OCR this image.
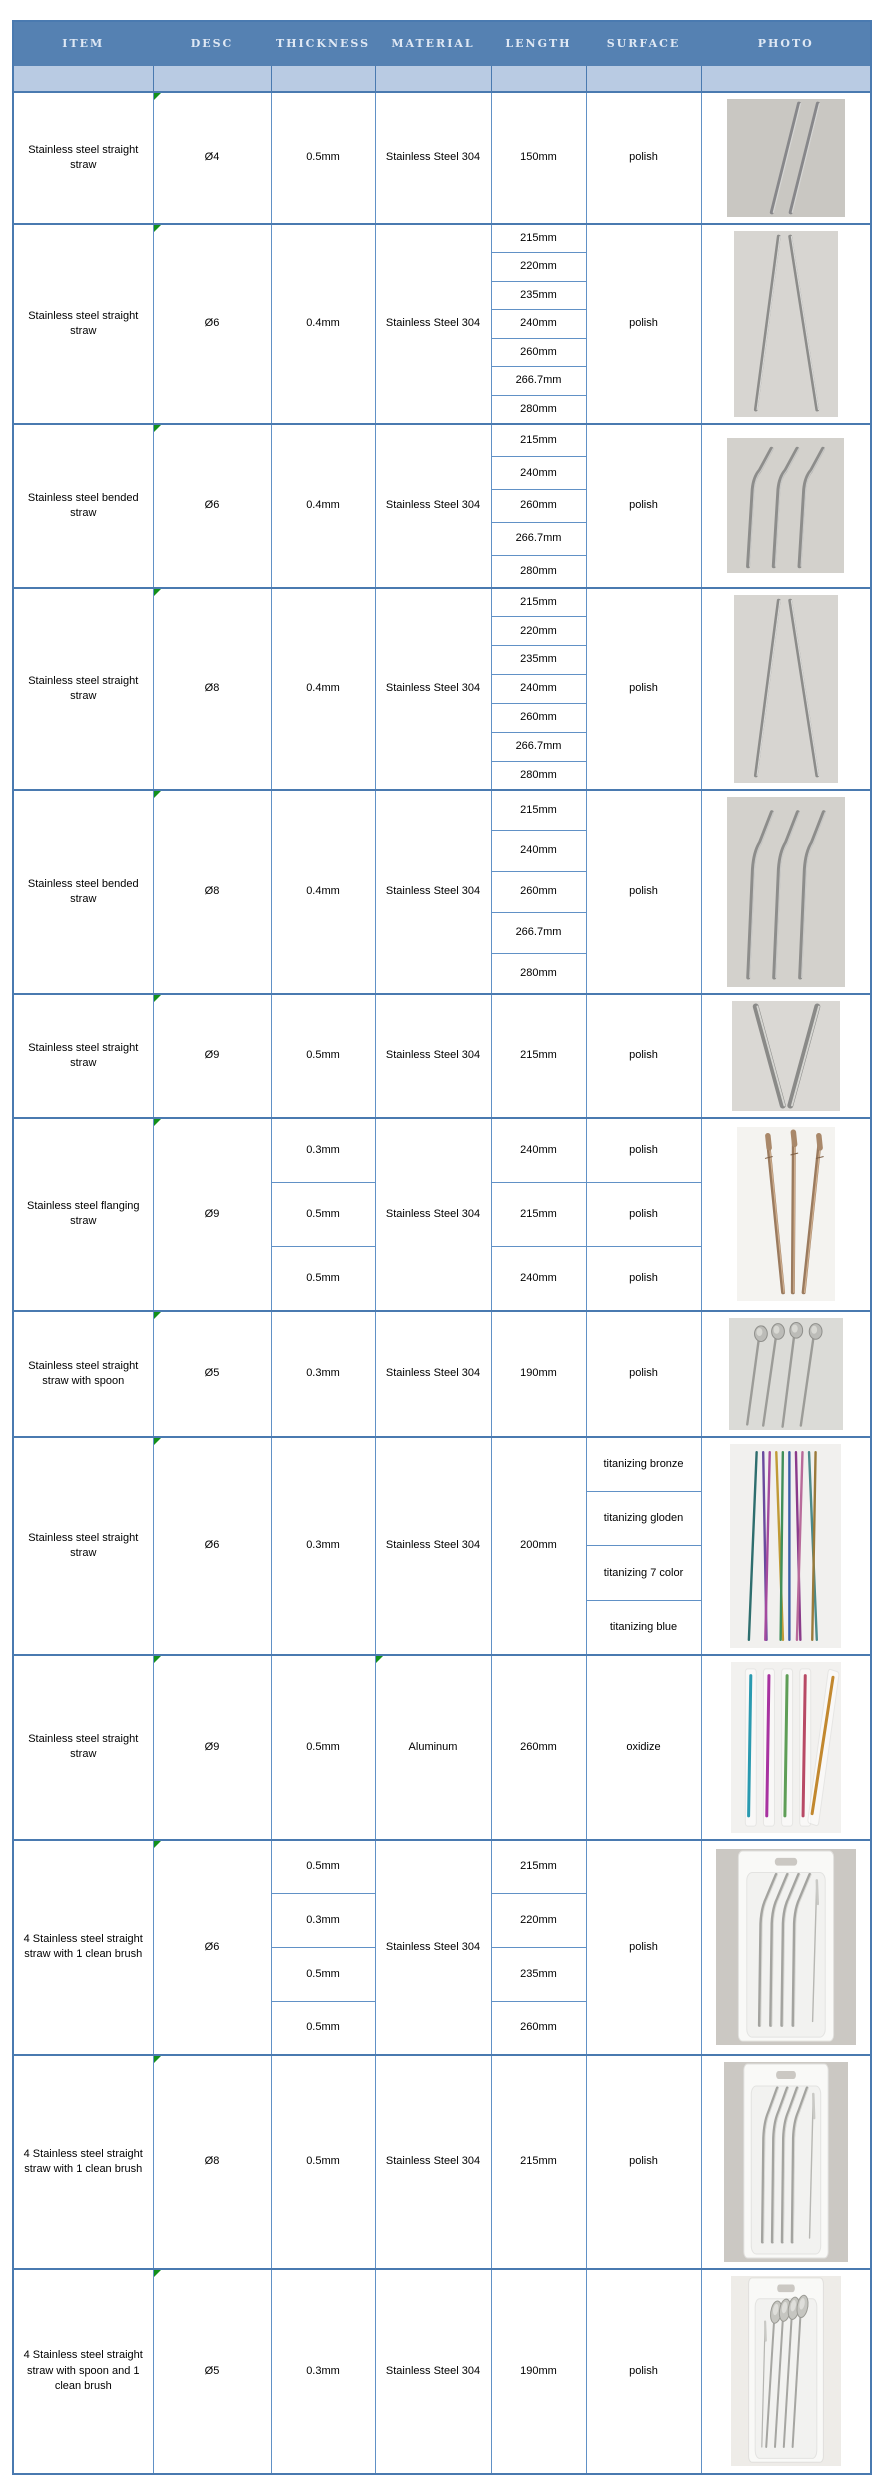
ITEM	DESC	THICKNESS	MATERIAL	LENGTH	SURFACE	PHOTO

Stainless steel straight straw	Ø4	0.5mm	Stainless Steel 304	150mm	polish	

Stainless steel straight straw	Ø6	0.4mm	Stainless Steel 304	215mm	polish	

				220mm		
				235mm		
				240mm		
				260mm		
				266.7mm		
				280mm		
Stainless steel bended straw	Ø6	0.4mm	Stainless Steel 304	215mm	polish	

				240mm		
				260mm		
				266.7mm		
				280mm		
Stainless steel straight straw	Ø8	0.4mm	Stainless Steel 304	215mm	polish	

				220mm		
				235mm		
				240mm		
				260mm		
				266.7mm		
				280mm		
Stainless steel bended straw	Ø8	0.4mm	Stainless Steel 304	215mm	polish	

				240mm		
				260mm		
				266.7mm		
				280mm		
Stainless steel straight straw	Ø9	0.5mm	Stainless Steel 304	215mm	polish	

Stainless steel flanging straw	Ø9	0.3mm	Stainless Steel 304	240mm	polish	

		0.5mm		215mm	polish	
		0.5mm		240mm	polish	
Stainless steel straight straw with spoon	Ø5	0.3mm	Stainless Steel 304	190mm	polish	

Stainless steel straight straw	Ø6	0.3mm	Stainless Steel 304	200mm	titanizing bronze	

					titanizing gloden	
					titanizing 7 color	
					titanizing blue	
Stainless steel straight straw	Ø9	0.5mm	Aluminum	260mm	oxidize	

4 Stainless steel straight straw with 1 clean brush	Ø6	0.5mm	Stainless Steel 304	215mm	polish	

		0.3mm		220mm		
		0.5mm		235mm		
		0.5mm		260mm		
4 Stainless steel straight straw with 1 clean brush	Ø8	0.5mm	Stainless Steel 304	215mm	polish	

4 Stainless steel straight straw with spoon and 1 clean brush	Ø5	0.3mm	Stainless Steel 304	190mm	polish	
